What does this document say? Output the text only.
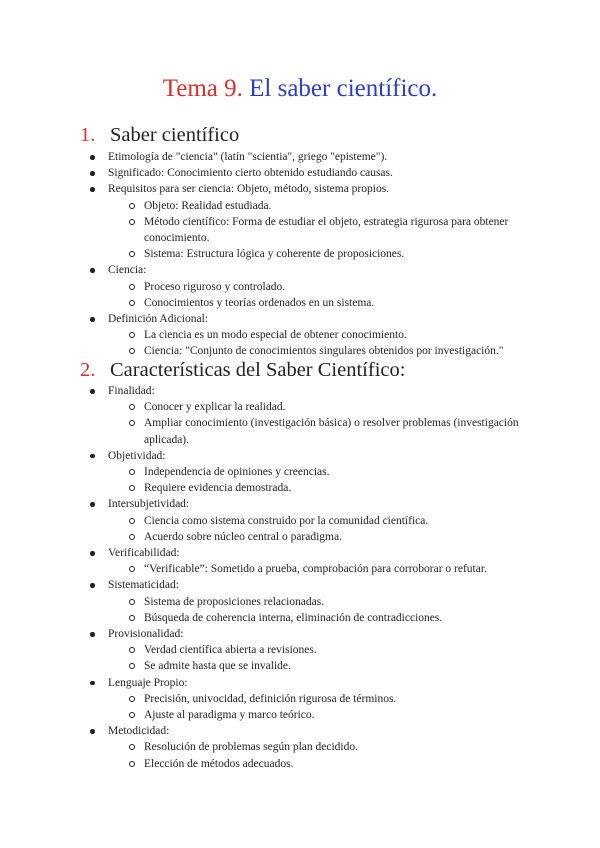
Tema 9. El saber científico.
1. Saber científico
Etimología de "ciencia" (latín "scientia", griego "episteme").
Significado: Conocimiento cierto obtenido estudiando causas.
Requisitos para ser ciencia: Objeto, método, sistema propios.
Objeto: Realidad estudiada.
Método científico: Forma de estudiar el objeto, estrategia rigurosa para obtener conocimiento.
Sistema: Estructura lógica y coherente de proposiciones.
Ciencia:
Proceso riguroso y controlado.
Conocimientos y teorías ordenados en un sistema.
Definición Adicional:
La ciencia es un modo especial de obtener conocimiento.
Ciencia: "Conjunto de conocimientos singulares obtenidos por investigación."
2. Características del Saber Científico:
Finalidad:
Conocer y explicar la realidad.
Ampliar conocimiento (investigación básica) o resolver problemas (investigación aplicada).
Objetividad:
Independencia de opiniones y creencias.
Requiere evidencia demostrada.
Intersubjetividad:
Ciencia como sistema construido por la comunidad científica.
Acuerdo sobre núcleo central o paradigma.
Verificabilidad:
“Verificable”: Sometido a prueba, comprobación para corroborar o refutar.
Sistematicidad:
Sistema de proposiciones relacionadas.
Búsqueda de coherencia interna, eliminación de contradicciones.
Provisionalidad:
Verdad científica abierta a revisiones.
Se admite hasta que se invalide.
Lenguaje Propio:
Precisión, univocidad, definición rigurosa de términos.
Ajuste al paradigma y marco teórico.
Metodicidad:
Resolución de problemas según plan decidido.
Elección de métodos adecuados.
